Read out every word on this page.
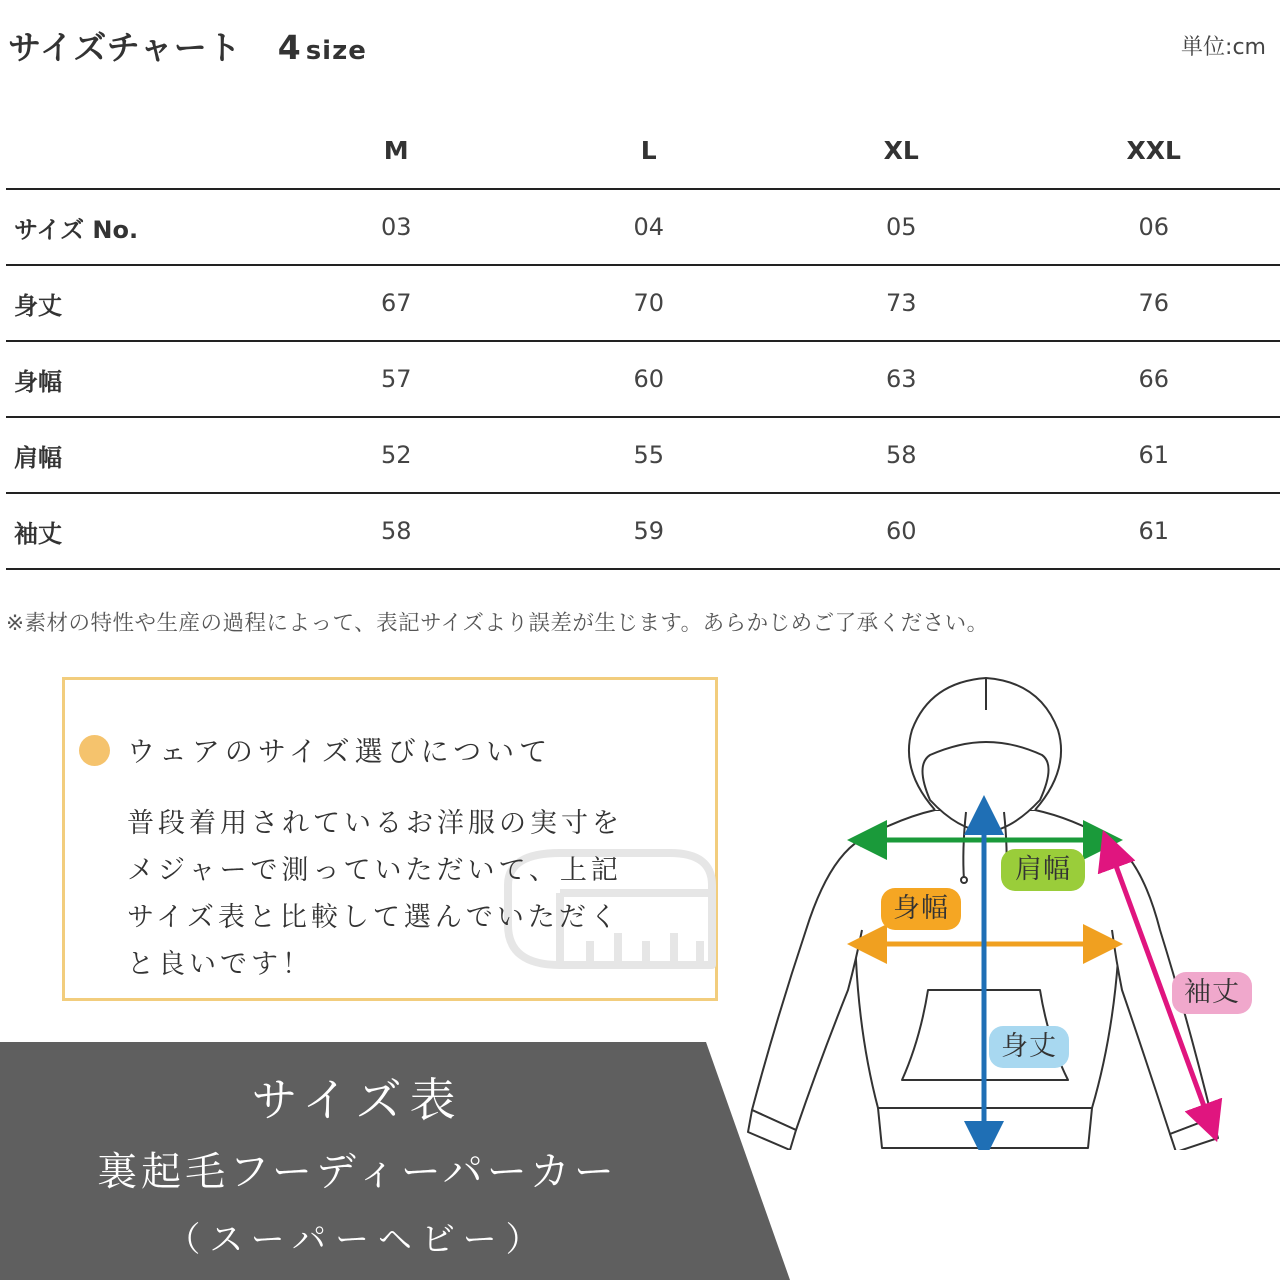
サイズチャート 4 size	単位:cm
	M	L	XL	XXL
サイズ No.	03	04	05	06
身丈	67	70	73	76
身幅	57	60	63	66
肩幅	52	55	58	61
袖丈	58	59	60	61
※素材の特性や生産の過程によって、表記サイズより誤差が生じます。あらかじめご了承ください。
ウェアのサイズ選びについて
普段着用されているお洋服の実寸を
メジャーで測っていただいて、上記
サイズ表と比較して選んでいただく
と良いです！
サイズ表
裏起毛フーディーパーカー
（スーパーヘビー）
肩幅
身幅
身丈
袖丈
